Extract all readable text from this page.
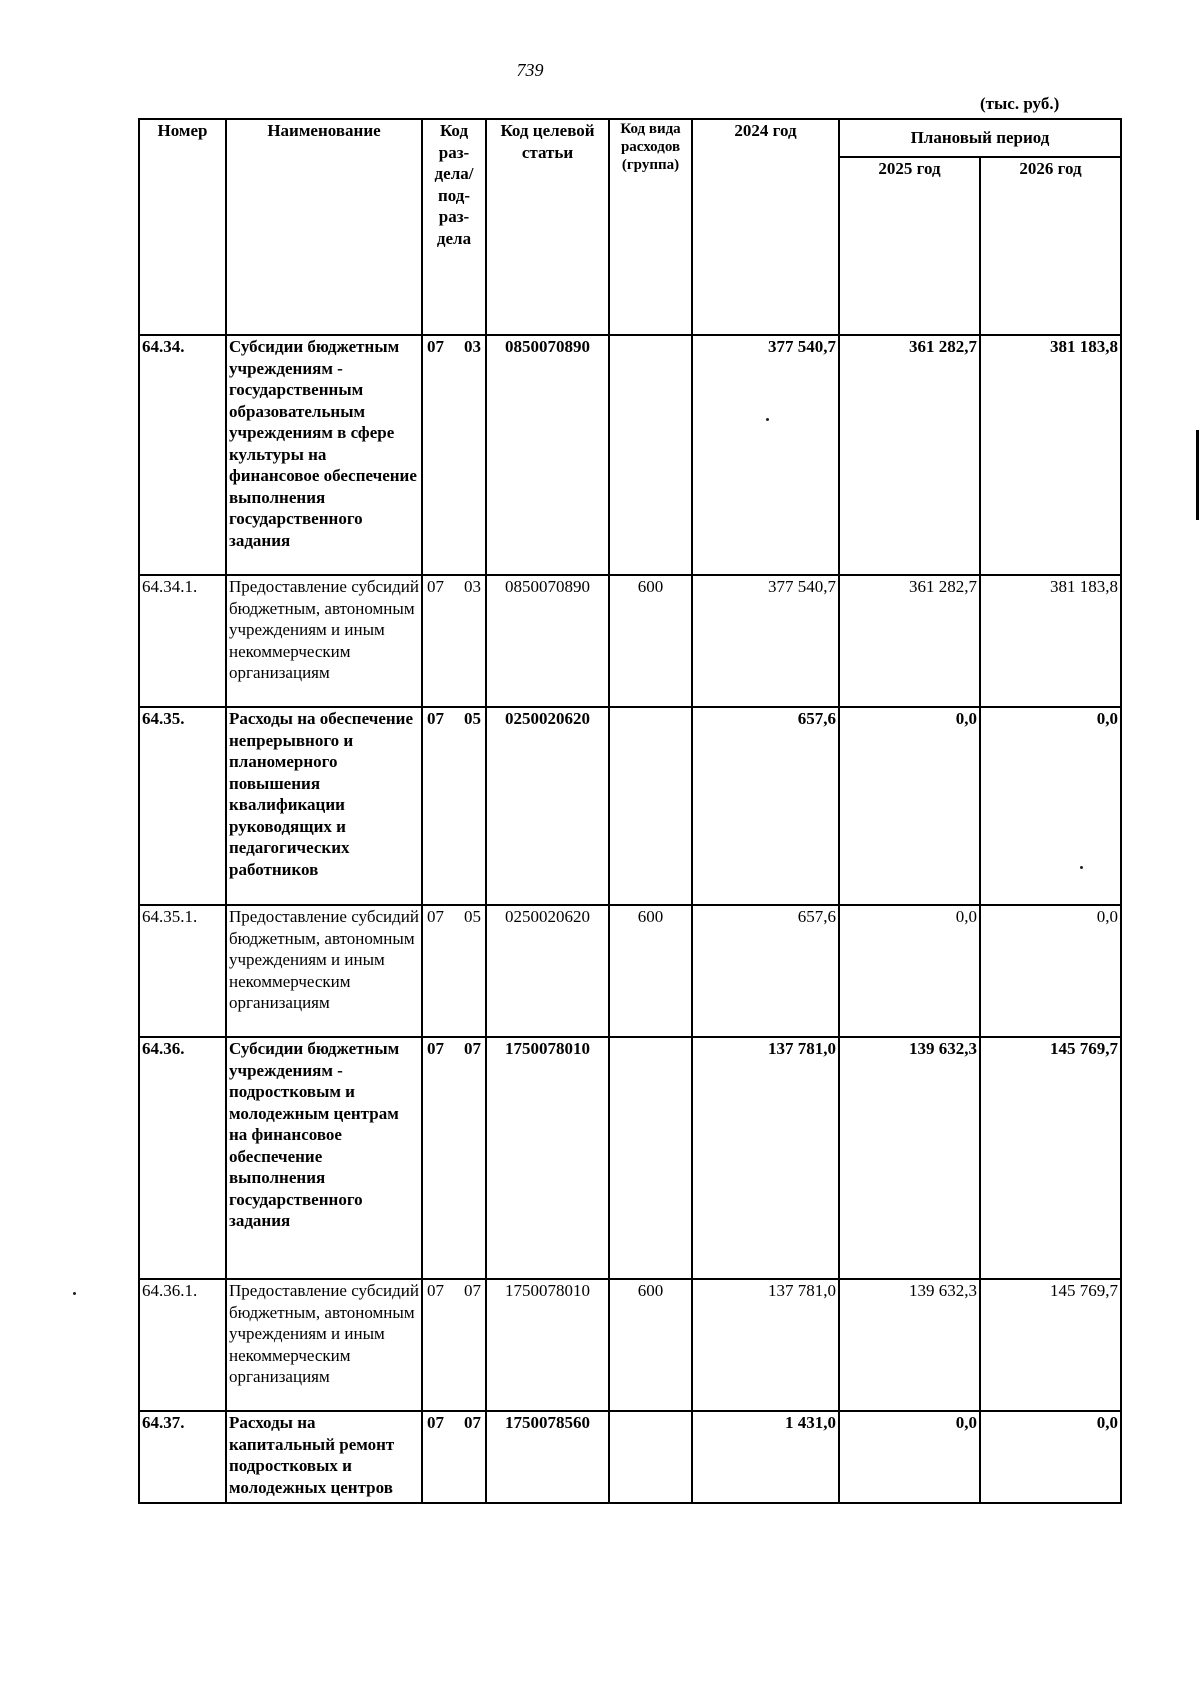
739
(тыс. руб.)
Номер	Наименование	Код раз-дела/ под-раз-дела	Код целевой статьи	Код вида расходов (группа)	2024 год	Плановый период	
						2025 год	2026 год
64.34.	Субсидии бюджетным учреждениям - государственным образовательным учреждениям в сфере культуры на финансовое обеспечение выполнения государственного задания	07 03	0850070890		377 540,7	361 282,7	381 183,8
64.34.1.	Предоставление субсидий бюджетным, автономным учреждениям и иным некоммерческим организациям	07 03	0850070890	600	377 540,7	361 282,7	381 183,8
64.35.	Расходы на обеспечение непрерывного и планомерного повышения квалификации руководящих и педагогических работников	07 05	0250020620		657,6	0,0	0,0
64.35.1.	Предоставление субсидий бюджетным, автономным учреждениям и иным некоммерческим организациям	07 05	0250020620	600	657,6	0,0	0,0
64.36.	Субсидии бюджетным учреждениям - подростковым и молодежным центрам на финансовое обеспечение выполнения государственного задания	07 07	1750078010		137 781,0	139 632,3	145 769,7
64.36.1.	Предоставление субсидий бюджетным, автономным учреждениям и иным некоммерческим организациям	07 07	1750078010	600	137 781,0	139 632,3	145 769,7
64.37.	Расходы на капитальный ремонт подростковых и молодежных центров	07 07	1750078560		1 431,0	0,0	0,0
